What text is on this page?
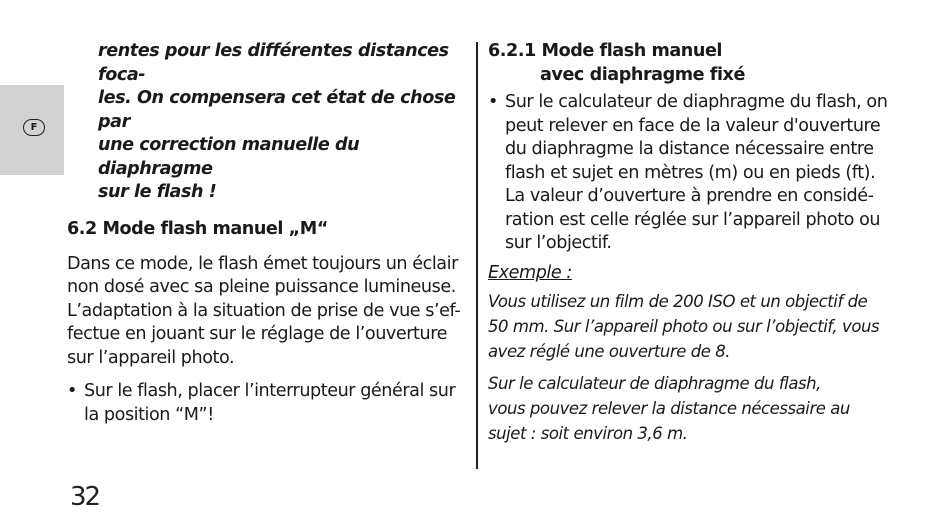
F
rentes pour les différentes distances foca-
les. On compensera cet état de chose par
une correction manuelle du diaphragme
sur le flash !
6.2 Mode flash manuel „M“
Dans ce mode, le flash émet toujours un éclair
non dosé avec sa pleine puissance lumineuse.
L’adaptation à la situation de prise de vue s’ef-
fectue en jouant sur le réglage de l’ouverture
sur l’appareil photo.
• Sur le flash, placer l’interrupteur général sur
la position “M”!
6.2.1 Mode flash manuel
avec diaphragme fixé
• Sur le calculateur de diaphragme du flash, on
peut relever en face de la valeur d'ouverture
du diaphragme la distance nécessaire entre
flash et sujet en mètres (m) ou en pieds (ft).
La valeur d’ouverture à prendre en considé-
ration est celle réglée sur l’appareil photo ou
sur l’objectif.
Exemple :
Vous utilisez un film de 200 ISO et un objectif de
50 mm. Sur l’appareil photo ou sur l’objectif, vous
avez réglé une ouverture de 8.
Sur le calculateur de diaphragme du flash,
vous pouvez relever la distance nécessaire au
sujet : soit environ 3,6 m.
32
